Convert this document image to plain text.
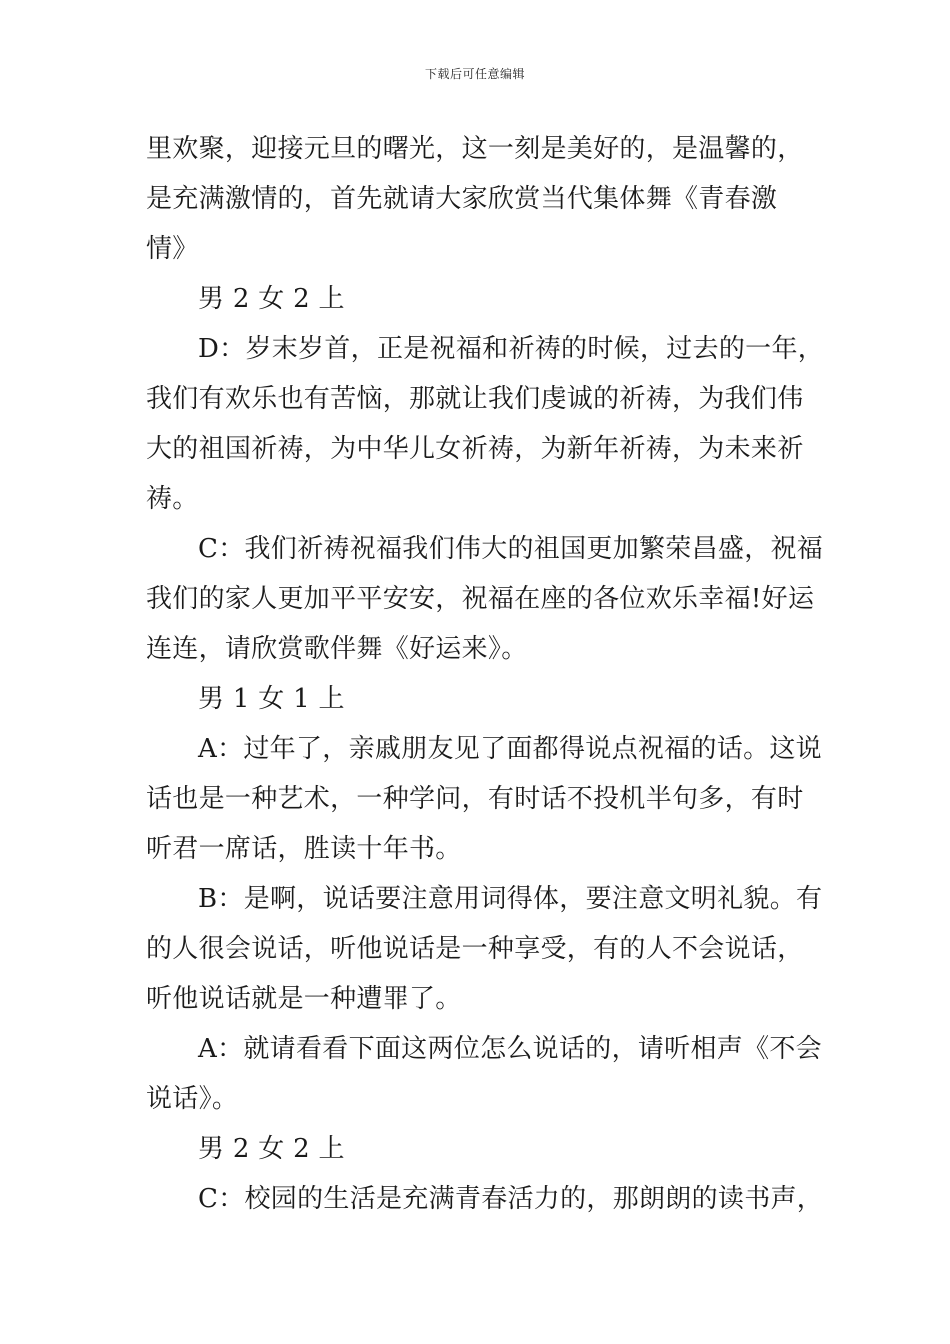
下载后可任意编辑
里欢聚，迎接元旦的曙光，这一刻是美好的，是温馨的，
是充满激情的，首先就请大家欣赏当代集体舞《青春激
情》
男 2 女 2 上
D：岁末岁首，正是祝福和祈祷的时候，过去的一年，
我们有欢乐也有苦恼，那就让我们虔诚的祈祷，为我们伟
大的祖国祈祷，为中华儿女祈祷，为新年祈祷，为未来祈
祷。
C：我们祈祷祝福我们伟大的祖国更加繁荣昌盛，祝福
我们的家人更加平平安安，祝福在座的各位欢乐幸福!好运
连连，请欣赏歌伴舞《好运来》。
男 1 女 1 上
A：过年了，亲戚朋友见了面都得说点祝福的话。这说
话也是一种艺术，一种学问，有时话不投机半句多，有时
听君一席话，胜读十年书。
B：是啊，说话要注意用词得体，要注意文明礼貌。有
的人很会说话，听他说话是一种享受，有的人不会说话，
听他说话就是一种遭罪了。
A：就请看看下面这两位怎么说话的，请听相声《不会
说话》。
男 2 女 2 上
C：校园的生活是充满青春活力的，那朗朗的读书声，
